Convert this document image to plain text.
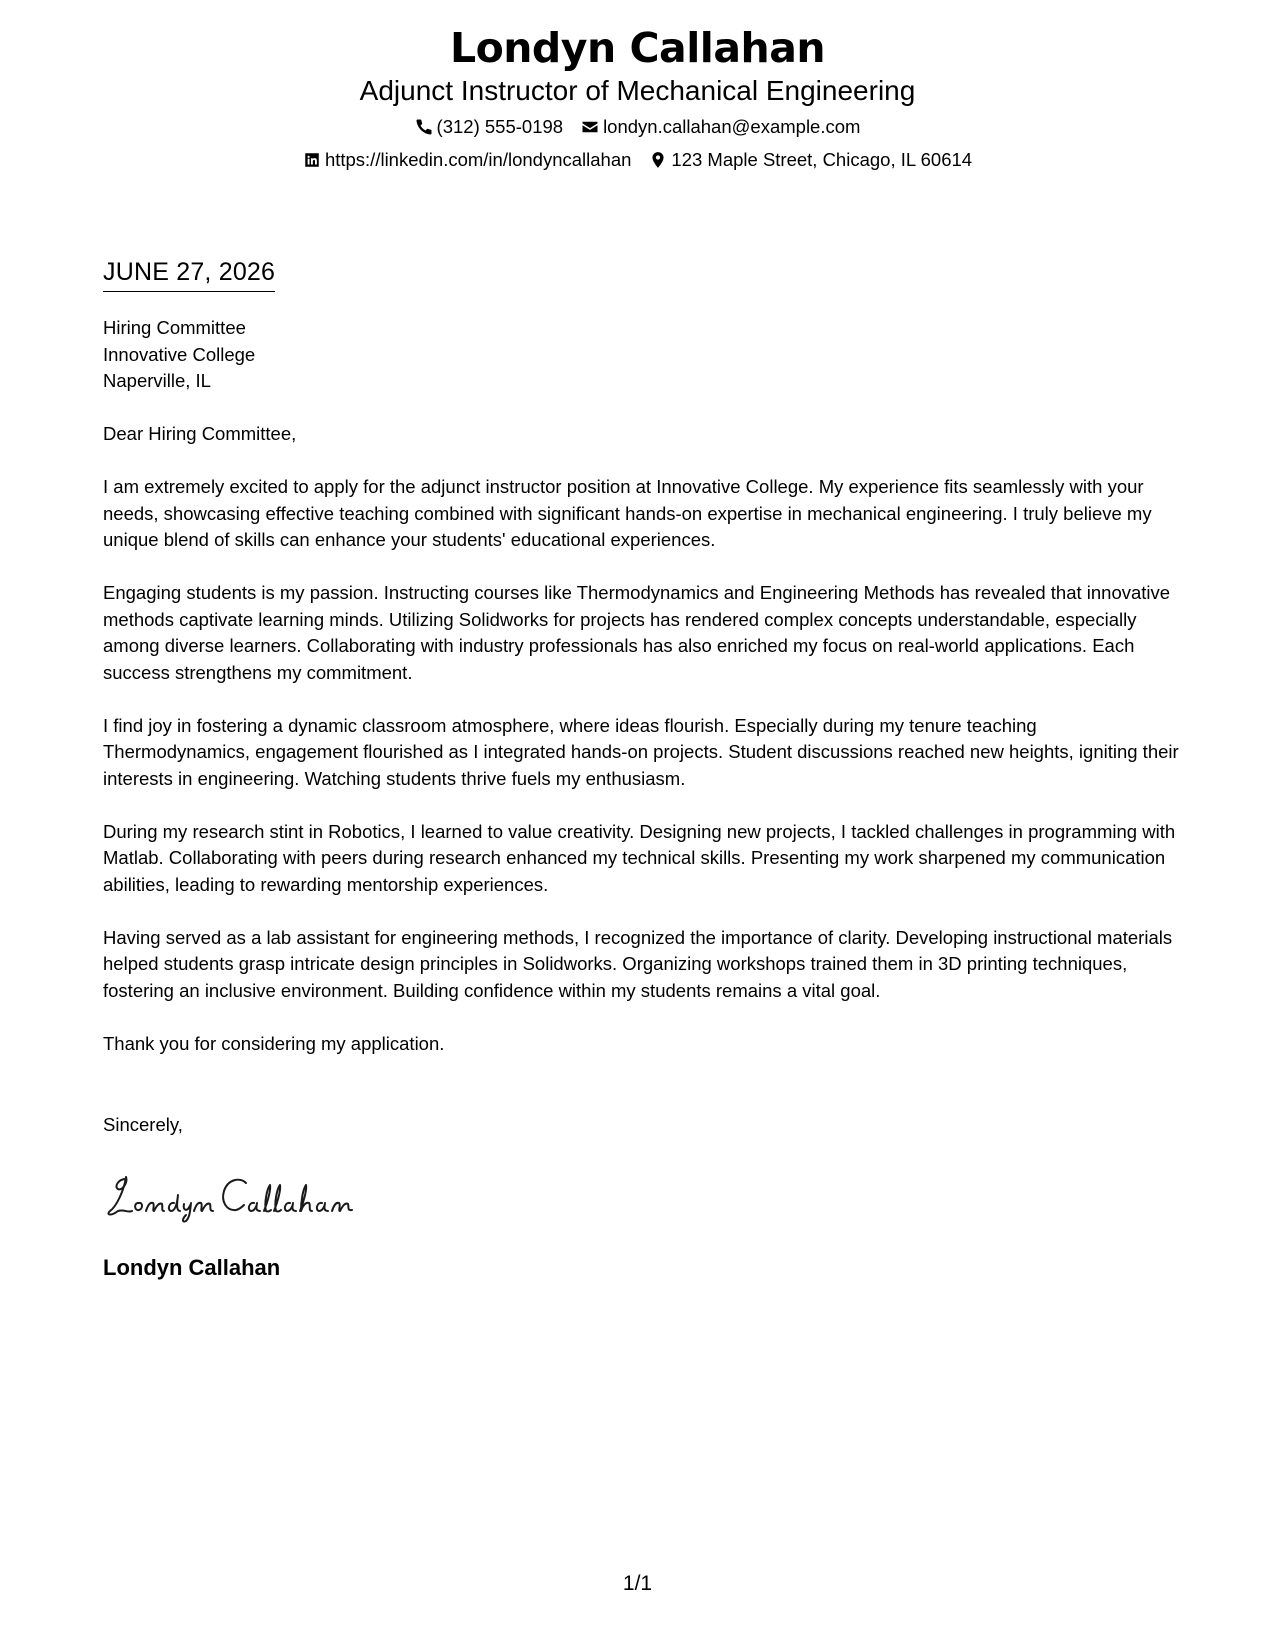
Londyn Callahan
Adjunct Instructor of Mechanical Engineering
(312) 555-0198 londyn.callahan@example.com
https://linkedin.com/in/londyncallahan 123 Maple Street, Chicago, IL 60614
JUNE 27, 2026
Hiring Committee
Innovative College
Naperville, IL

Dear Hiring Committee,

I am extremely excited to apply for the adjunct instructor position at Innovative College. My experience fits seamlessly with your needs, showcasing effective teaching combined with significant hands-on expertise in mechanical engineering. I truly believe my unique blend of skills can enhance your students' educational experiences.

Engaging students is my passion. Instructing courses like Thermodynamics and Engineering Methods has revealed that innovative methods captivate learning minds. Utilizing Solidworks for projects has rendered complex concepts understandable, especially among diverse learners. Collaborating with industry professionals has also enriched my focus on real-world applications. Each success strengthens my commitment.

I find joy in fostering a dynamic classroom atmosphere, where ideas flourish. Especially during my tenure teaching Thermodynamics, engagement flourished as I integrated hands-on projects. Student discussions reached new heights, igniting their interests in engineering. Watching students thrive fuels my enthusiasm.

During my research stint in Robotics, I learned to value creativity. Designing new projects, I tackled challenges in programming with Matlab. Collaborating with peers during research enhanced my technical skills. Presenting my work sharpened my communication abilities, leading to rewarding mentorship experiences.

Having served as a lab assistant for engineering methods, I recognized the importance of clarity. Developing instructional materials helped students grasp intricate design principles in Solidworks. Organizing workshops trained them in 3D printing techniques, fostering an inclusive environment. Building confidence within my students remains a vital goal.

Thank you for considering my application.

Sincerely,
Londyn Callahan
1/1
